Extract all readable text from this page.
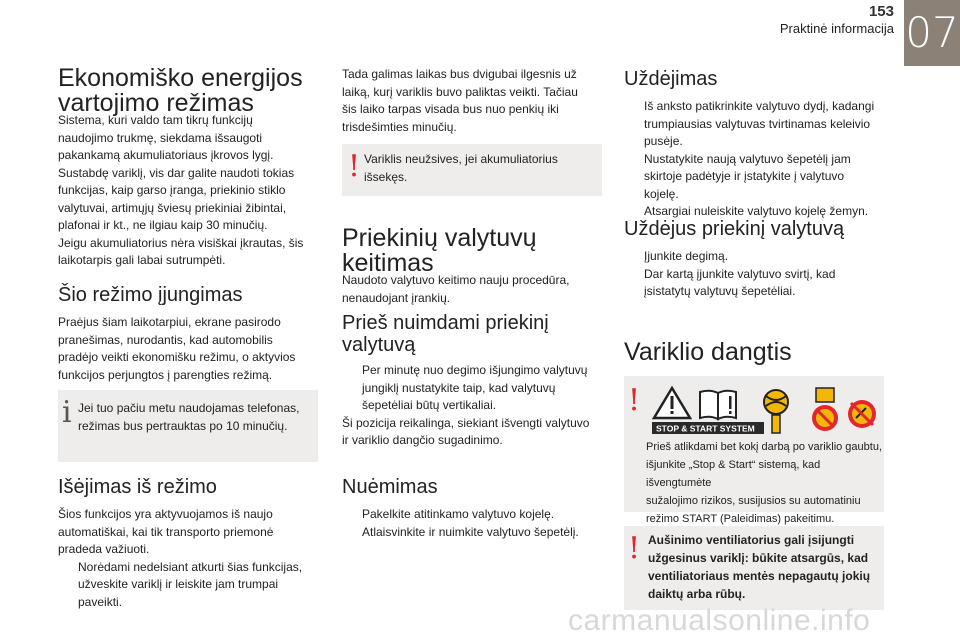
153
Praktinė informacija 07
Ekonomiško energijos vartojimo režimas
Sistema, kuri valdo tam tikrų funkcijų
naudojimo trukmę, siekdama išsaugoti
pakankamą akumuliatoriaus įkrovos lygį.
Sustabdę variklį, vis dar galite naudoti tokias
funkcijas, kaip garso įranga, priekinio stiklo
valytuvai, artimųjų šviesų priekiniai žibintai,
plafonai ir kt., ne ilgiau kaip 30 minučių.
Jeigu akumuliatorius nėra visiškai įkrautas, šis
laikotarpis gali labai sutrumpėti.
Šio režimo įjungimas
Praėjus šiam laikotarpiui, ekrane pasirodo
pranešimas, nurodantis, kad automobilis
pradėjo veikti ekonomišku režimu, o aktyvios
funkcijos perjungtos į parengties režimą.
i Jei tuo pačiu metu naudojamas telefonas,
režimas bus pertrauktas po 10 minučių.
Išėjimas iš režimo
Šios funkcijos yra aktyvuojamos iš naujo
automatiškai, kai tik transporto priemonė
pradeda važiuoti.
Norėdami nedelsiant atkurti šias funkcijas,
užveskite variklį ir leiskite jam trumpai
paveikti.
Tada galimas laikas bus dvigubai ilgesnis už
laiką, kurį variklis buvo paliktas veikti. Tačiau
šis laiko tarpas visada bus nuo penkių iki
trisdešimties minučių.
! Variklis neužsives, jei akumuliatorius
išsekęs.
Priekinių valytuvų keitimas
Naudoto valytuvo keitimo nauju procedūra,
nenaudojant įrankių.
Prieš nuimdami priekinį valytuvą
Per minutę nuo degimo išjungimo valytuvų
jungiklį nustatykite taip, kad valytuvų
šepetėliai būtų vertikaliai.
Ši pozicija reikalinga, siekiant išvengti valytuvo
ir variklio dangčio sugadinimo.
Nuėmimas
Pakelkite atitinkamo valytuvo kojelę.
Atlaisvinkite ir nuimkite valytuvo šepetėlį.
Uždėjimas
Iš anksto patikrinkite valytuvo dydį, kadangi
trumpiausias valytuvas tvirtinamas keleivio
pusėje.
Nustatykite naują valytuvo šepetėlį jam
skirtoje padėtyje ir įstatykite į valytuvo
kojelę.
Atsargiai nuleiskite valytuvo kojelę žemyn.
Uždėjus priekinį valytuvą
Įjunkite degimą.
Dar kartą įjunkite valytuvo svirtį, kad
įsistatytų valytuvų šepetėliai.
Variklio dangtis
!
STOP & START SYSTEM
Prieš atlikdami bet kokį darbą po variklio gaubtu,
išjunkite „Stop & Start“ sistemą, kad išvengtumėte
sužalojimo rizikos, susijusios su automatiniu
režimo START (Paleidimas) pakeitimu.
! Aušinimo ventiliatorius gali įsijungti
užgesinus variklį: būkite atsargūs, kad
ventiliatoriaus mentės nepagautų jokių
daiktų arba rūbų.
carmanualsonline.info
